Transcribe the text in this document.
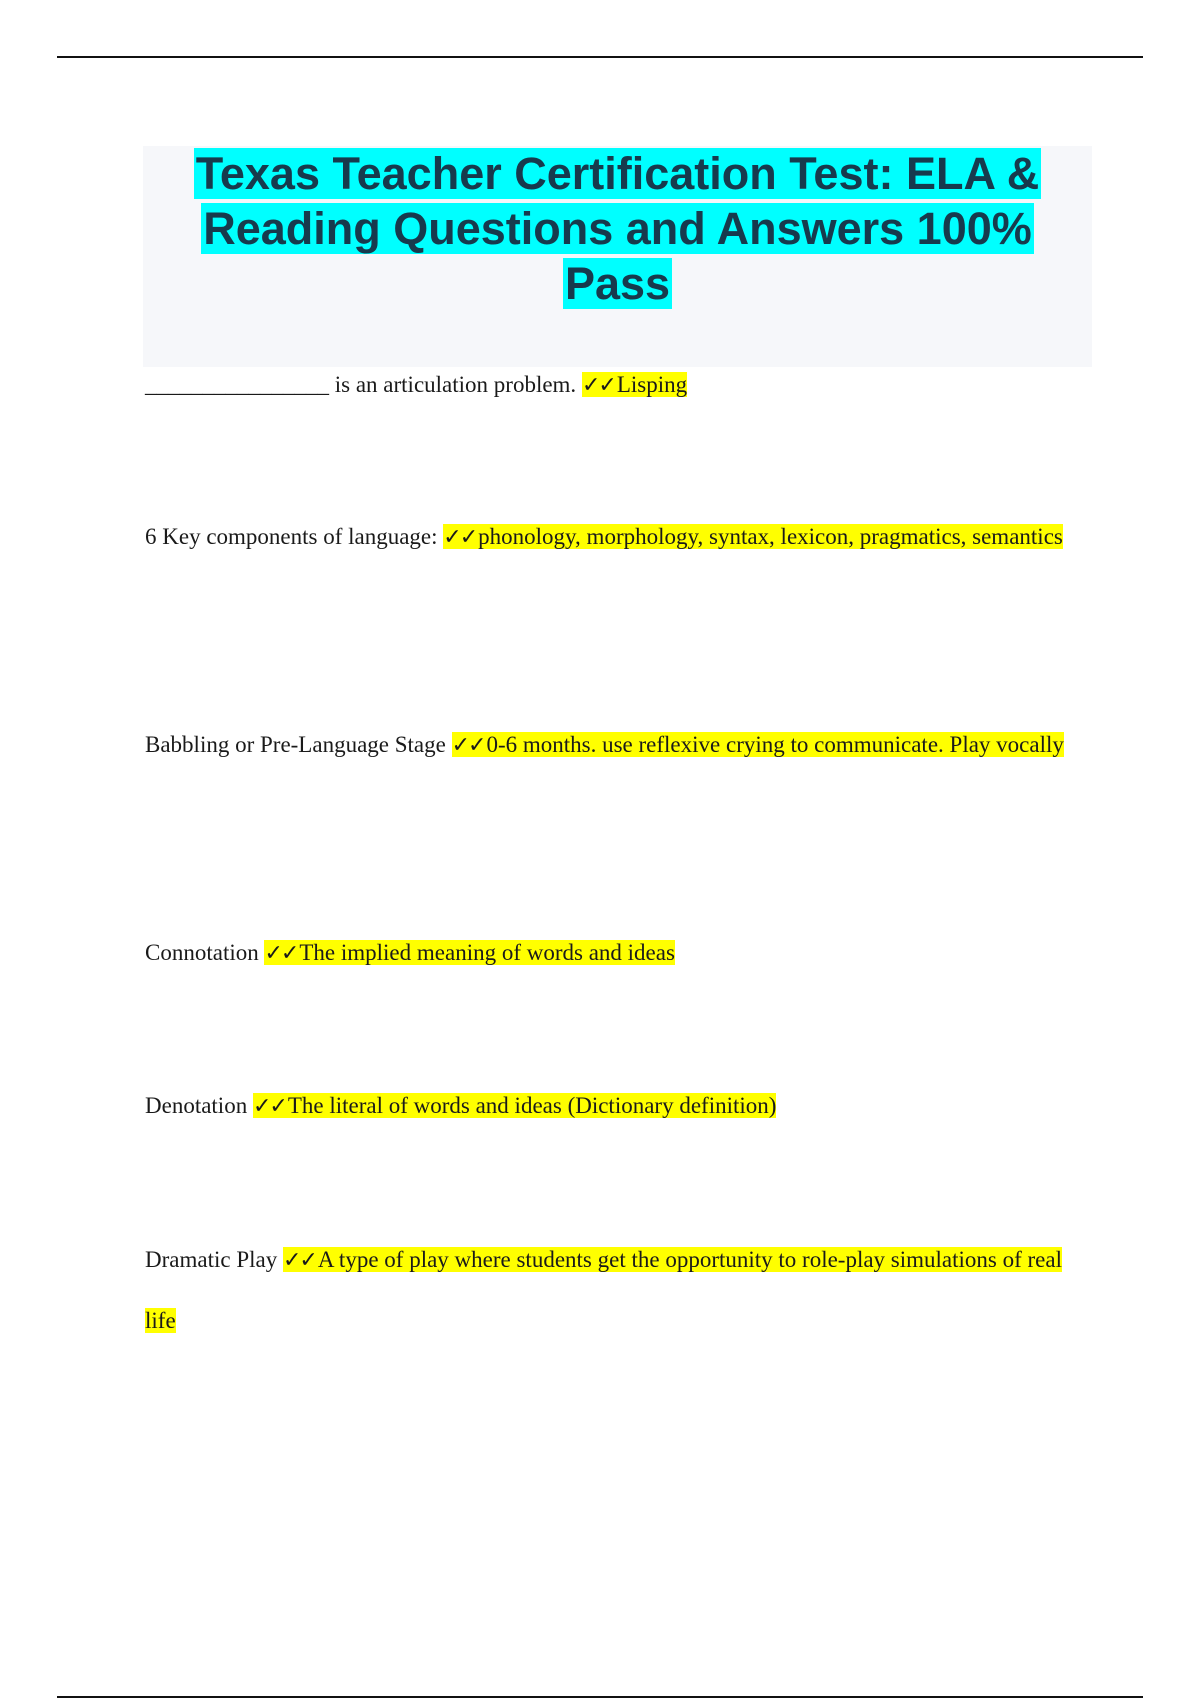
Texas Teacher Certification Test: ELA & Reading Questions and Answers 100% Pass

________________ is an articulation problem. ✓✓Lisping

6 Key components of language: ✓✓phonology, morphology, syntax, lexicon, pragmatics, semantics

Babbling or Pre-Language Stage ✓✓0-6 months. use reflexive crying to communicate. Play vocally

Connotation ✓✓The implied meaning of words and ideas

Denotation ✓✓The literal of words and ideas (Dictionary definition)

Dramatic Play ✓✓A type of play where students get the opportunity to role-play simulations of real life
